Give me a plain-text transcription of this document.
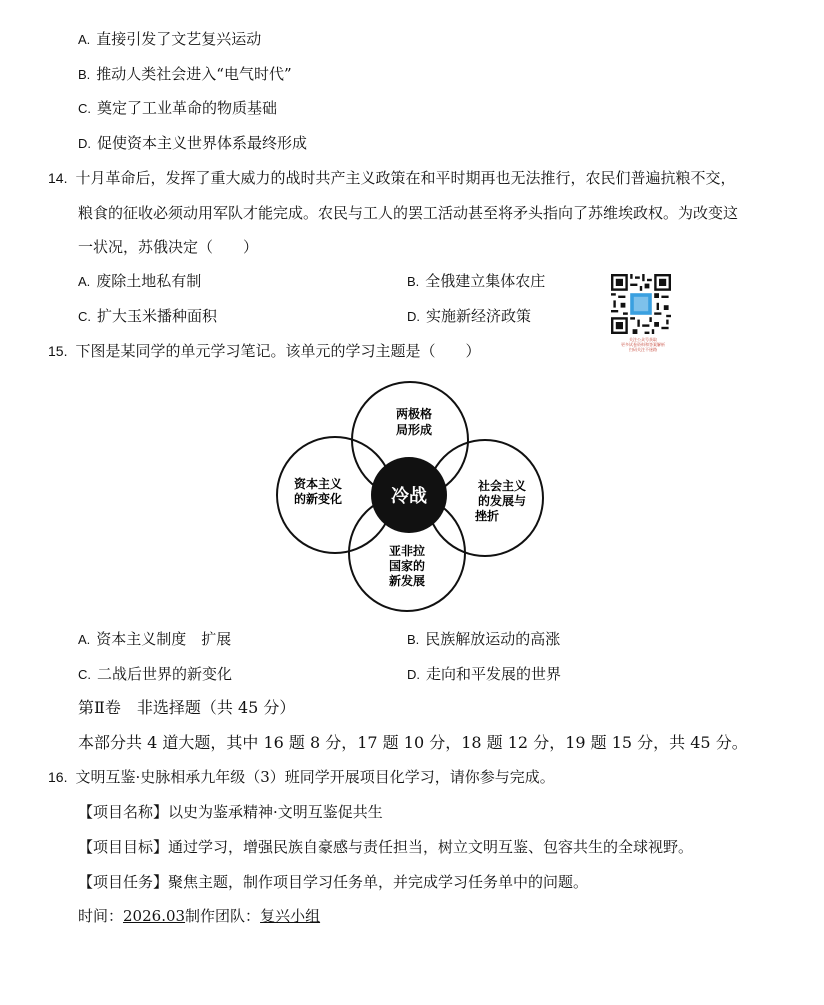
A. 直接引发了文艺复兴运动
B. 推动人类社会进入“电气时代”
C. 奠定了工业革命的物质基础
D. 促使资本主义世界体系最终形成
14. 十月革命后，发挥了重大威力的战时共产主义政策在和平时期再也无法推行，农民们普遍抗粮不交，
粮食的征收必须动用军队才能完成。农民与工人的罢工活动甚至将矛头指向了苏维埃政权。为改变这
一状况，苏俄决定（　　）
A. 废除土地私有制	B. 全俄建立集体农庄
C. 扩大玉米播种面积	D. 实施新经济政策
关注公众号获取
更多试卷资料和答案解析
扫码关注不迷路
15. 下图是某同学的单元学习笔记。该单元的学习主题是（　　）
冷战
两极格
局形成
资本主义
的新变化
社会主义
的发展与
挫折
亚非拉
国家的
新发展
A. 资本主义制度　扩展	B. 民族解放运动的高涨
C. 二战后世界的新变化	D. 走向和平发展的世界
第Ⅱ卷　非选择题（共 45 分）
本部分共 4 道大题，其中 16 题 8 分，17 题 10 分，18 题 12 分，19 题 15 分，共 45 分。
16. 文明互鉴·史脉相承九年级（3）班同学开展项目化学习，请你参与完成。
【项目名称】以史为鉴承精神·文明互鉴促共生
【项目目标】通过学习，增强民族自豪感与责任担当，树立文明互鉴、包容共生的全球视野。
【项目任务】聚焦主题，制作项目学习任务单，并完成学习任务单中的问题。
时间：2026.03制作团队：复兴小组
